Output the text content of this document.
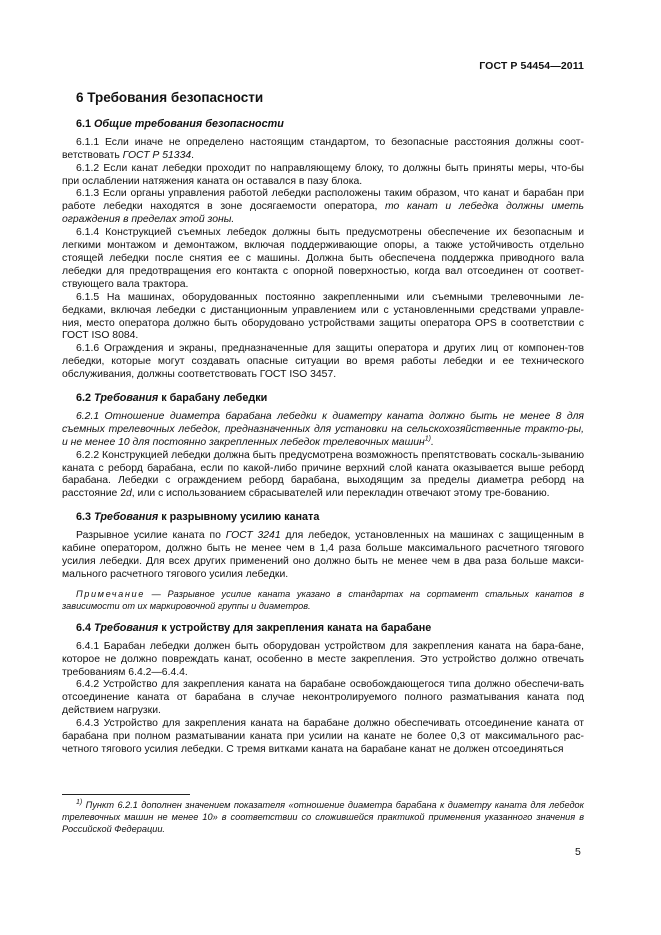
ГОСТ Р 54454—2011
6 Требования безопасности
6.1 Общие требования безопасности

6.1.1 Если иначе не определено настоящим стандартом, то безопасные расстояния должны соот-ветствовать ГОСТ Р 51334.

6.1.2 Если канат лебедки проходит по направляющему блоку, то должны быть приняты меры, что-бы при ослаблении натяжения каната он оставался в пазу блока.

6.1.3 Если органы управления работой лебедки расположены таким образом, что канат и барабан при работе лебедки находятся в зоне досягаемости оператора, то канат и лебедка должны иметь ограждения в пределах этой зоны.

6.1.4 Конструкцией съемных лебедок должны быть предусмотрены обеспечение их безопасным и легкими монтажом и демонтажом, включая поддерживающие опоры, а также устойчивость отдельно стоящей лебедки после снятия ее с машины. Должна быть обеспечена поддержка приводного вала лебедки для предотвращения его контакта с опорной поверхностью, когда вал отсоединен от соответ-ствующего вала трактора.

6.1.5 На машинах, оборудованных постоянно закрепленными или съемными трелевочными ле-бедками, включая лебедки с дистанционным управлением или с установленными средствами управле-ния, место оператора должно быть оборудовано устройствами защиты оператора OPS в соответствии с ГОСТ ISO 8084.

6.1.6 Ограждения и экраны, предназначенные для защиты оператора и других лиц от компонен-тов лебедки, которые могут создавать опасные ситуации во время работы лебедки и ее технического обслуживания, должны соответствовать ГОСТ ISO 3457.

6.2 Требования к барабану лебедки

6.2.1 Отношение диаметра барабана лебедки к диаметру каната должно быть не менее 8 для съемных трелевочных лебедок, предназначенных для установки на сельскохозяйственные тракто-ры, и не менее 10 для постоянно закрепленных лебедок трелевочных машин$^{1)}$.

6.2.2 Конструкцией лебедки должна быть предусмотрена возможность препятствовать соскаль-зыванию каната с реборд барабана, если по какой-либо причине верхний слой каната оказывается выше реборд барабана. Лебедки с ограждением реборд барабана, выходящим за пределы диаметра реборд на расстояние 2d, или с использованием сбрасывателей или перекладин отвечают этому тре-бованию.

6.3 Требования к разрывному усилию каната

Разрывное усилие каната по ГОСТ 3241 для лебедок, установленных на машинах с защищенным в кабине оператором, должно быть не менее чем в 1,4 раза больше максимального расчетного тягового усилия лебедки. Для всех других применений оно должно быть не менее чем в два раза больше макси-мального расчетного тягового усилия лебедки.

Примечание — Разрывное усилие каната указано в стандартах на сортамент стальных канатов в зависимости от их маркировочной группы и диаметров.

6.4 Требования к устройству для закрепления каната на барабане

6.4.1 Барабан лебедки должен быть оборудован устройством для закрепления каната на бара-бане, которое не должно повреждать канат, особенно в месте закрепления. Это устройство должно отвечать требованиям 6.4.2—6.4.4.

6.4.2 Устройство для закрепления каната на барабане освобождающегося типа должно обеспечи-вать отсоединение каната от барабана в случае неконтролируемого полного разматывания каната под действием нагрузки.

6.4.3 Устройство для закрепления каната на барабане должно обеспечивать отсоединение каната от барабана при полном разматывании каната при усилии на канате не более 0,3 от максимального рас-четного тягового усилия лебедки. С тремя витками каната на барабане канат не должен отсоединяться

$^{1)}$ Пункт 6.2.1 дополнен значением показателя «отношение диаметра барабана к диаметру каната для лебедок трелевочных машин не менее 10» в соответствии со сложившейся практикой применения указанного значения в Российской Федерации.

5
